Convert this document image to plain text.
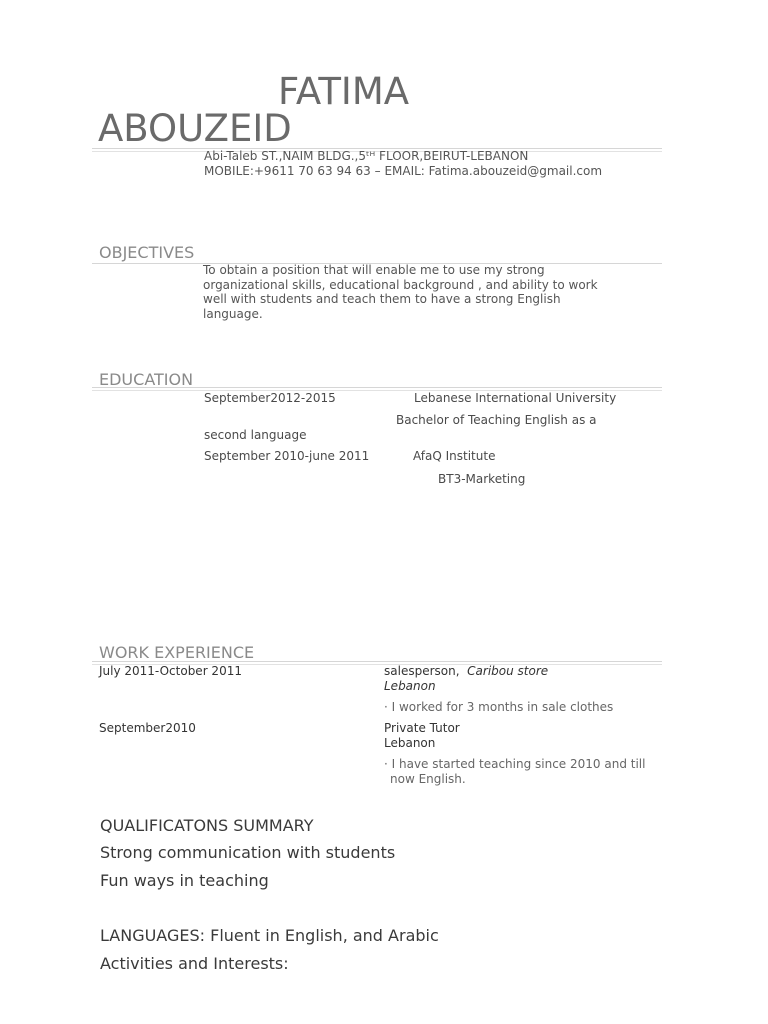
FATIMA
ABOUZEID
Abi-Taleb ST.,NAIM BLDG.,5ᵗᴴ FLOOR,BEIRUT-LEBANON
MOBILE:+9611 70 63 94 63 – EMAIL: Fatima.abouzeid@gmail.com
OBJECTIVES
To obtain a position that will enable me to use my strong organizational skills, educational background , and ability to work well with students and teach them to have a strong English language.
EDUCATION
September2012-2015	Lebanese International University
Bachelor of Teaching English as a
second language
September 2010-june 2011	AfaQ Institute
BT3-Marketing
WORK EXPERIENCE
July 2011-October 2011	salesperson, Caribou store
Lebanon
· I worked for 3 months in sale clothes
September2010	Private Tutor
Lebanon
· I have started teaching since 2010 and till
now English.
QUALIFICATONS SUMMARY
Strong communication with students
Fun ways in teaching
LANGUAGES: Fluent in English, and Arabic
Activities and Interests:
